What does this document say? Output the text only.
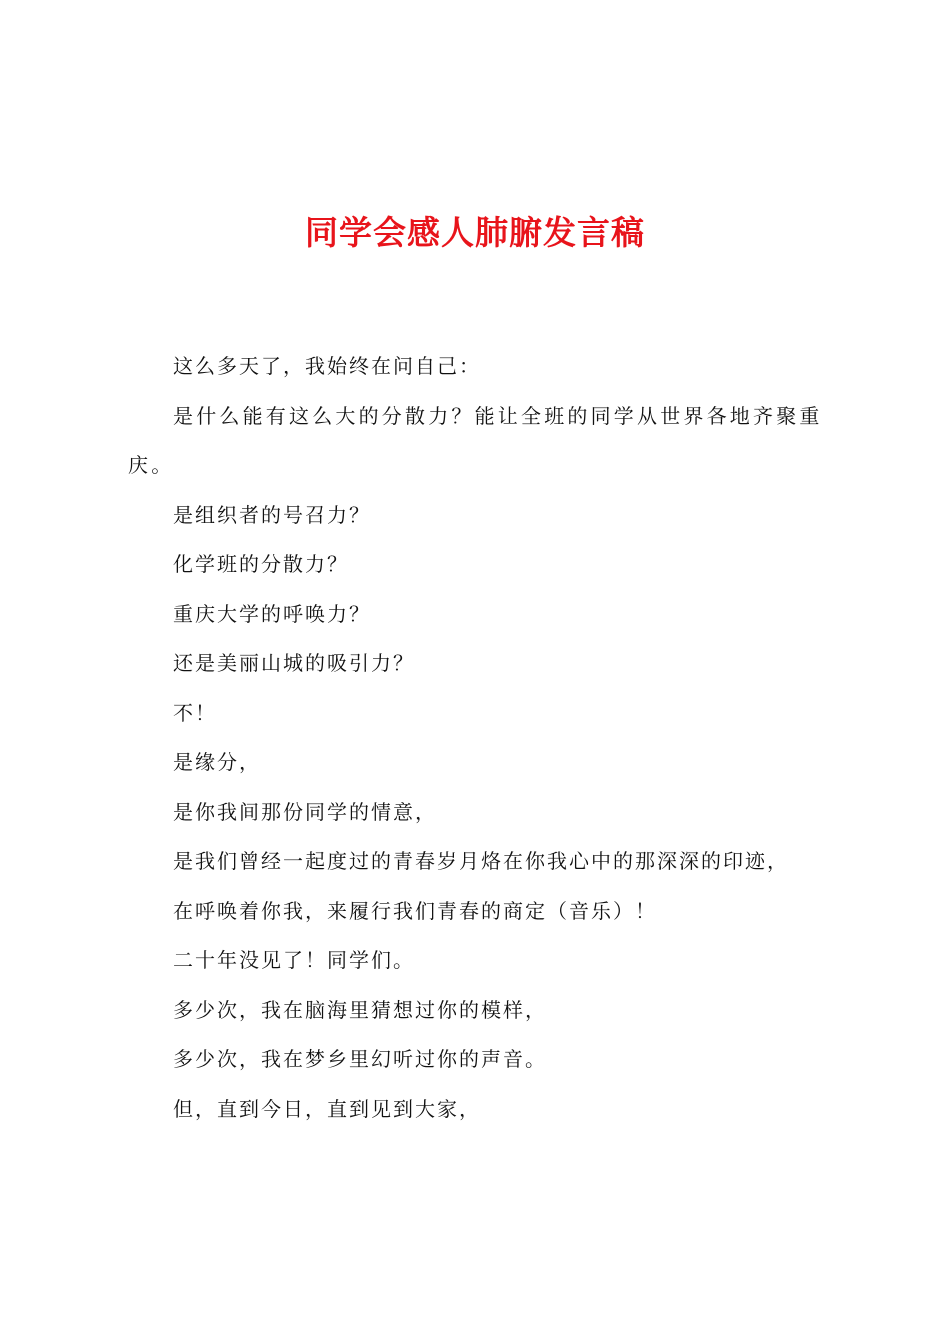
同学会感人肺腑发言稿

这么多天了，我始终在问自己：

是什么能有这么大的分散力？能让全班的同学从世界各地齐聚重庆。

是组织者的号召力？

化学班的分散力？

重庆大学的呼唤力？

还是美丽山城的吸引力？

不！

是缘分，

是你我间那份同学的情意，

是我们曾经一起度过的青春岁月烙在你我心中的那深深的印迹，

在呼唤着你我，来履行我们青春的商定（音乐）！

二十年没见了！同学们。

多少次，我在脑海里猜想过你的模样，

多少次，我在梦乡里幻听过你的声音。

但，直到今日，直到见到大家，
